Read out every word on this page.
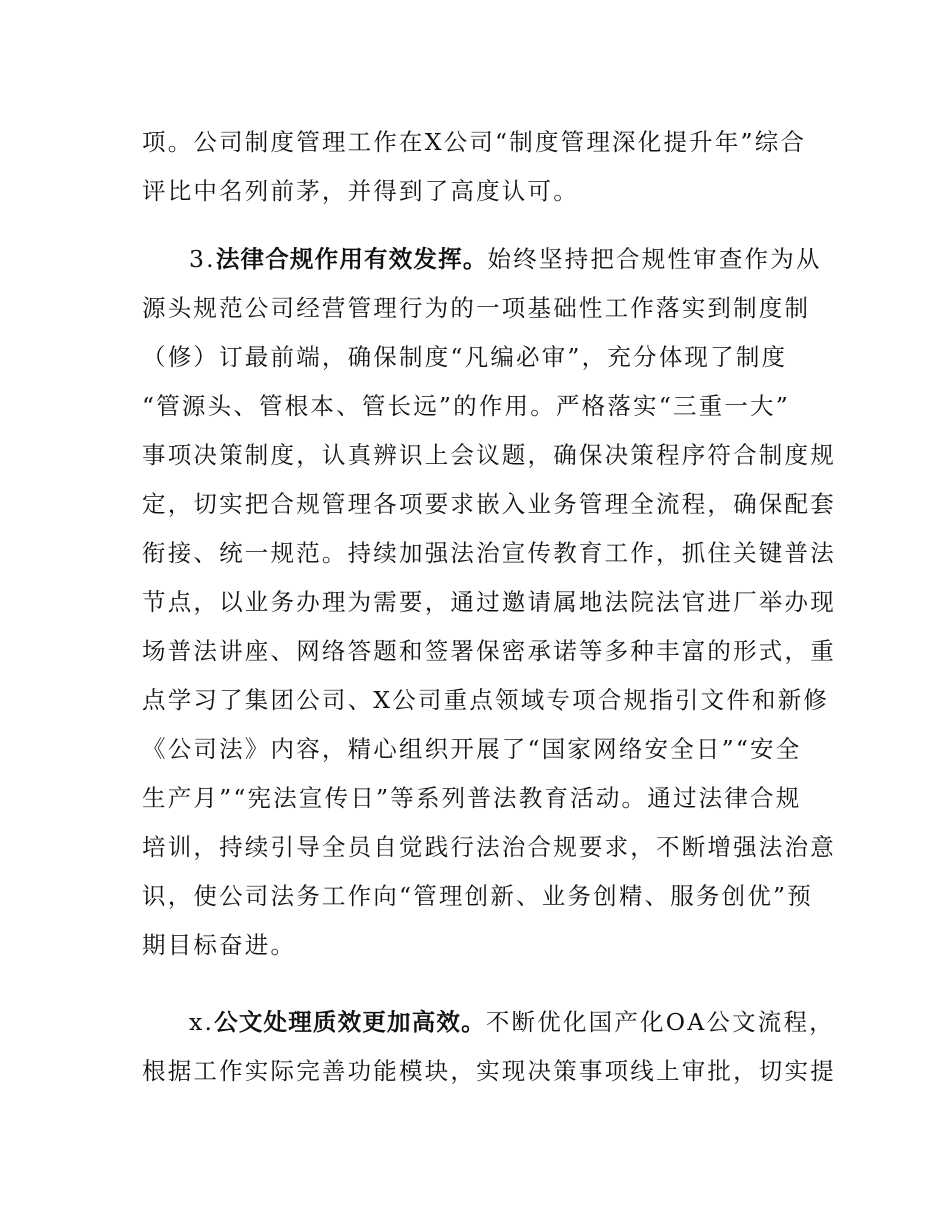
项。公司制度管理工作在X公司“制度管理深化提升年”综合
评比中名列前茅，并得到了高度认可。
3.法律合规作用有效发挥。始终坚持把合规性审查作为从
源头规范公司经营管理行为的一项基础性工作落实到制度制
（修）订最前端，确保制度“凡编必审”，充分体现了制度
“管源头、管根本、管长远”的作用。严格落实“三重一大”
事项决策制度，认真辨识上会议题，确保决策程序符合制度规
定，切实把合规管理各项要求嵌入业务管理全流程，确保配套
衔接、统一规范。持续加强法治宣传教育工作，抓住关键普法
节点，以业务办理为需要，通过邀请属地法院法官进厂举办现
场普法讲座、网络答题和签署保密承诺等多种丰富的形式，重
点学习了集团公司、X公司重点领域专项合规指引文件和新修
《公司法》内容，精心组织开展了“国家网络安全日”“安全
生产月”“宪法宣传日”等系列普法教育活动。通过法律合规
培训，持续引导全员自觉践行法治合规要求，不断增强法治意
识，使公司法务工作向“管理创新、业务创精、服务创优”预
期目标奋进。
x.公文处理质效更加高效。不断优化国产化OA公文流程，
根据工作实际完善功能模块，实现决策事项线上审批，切实提
